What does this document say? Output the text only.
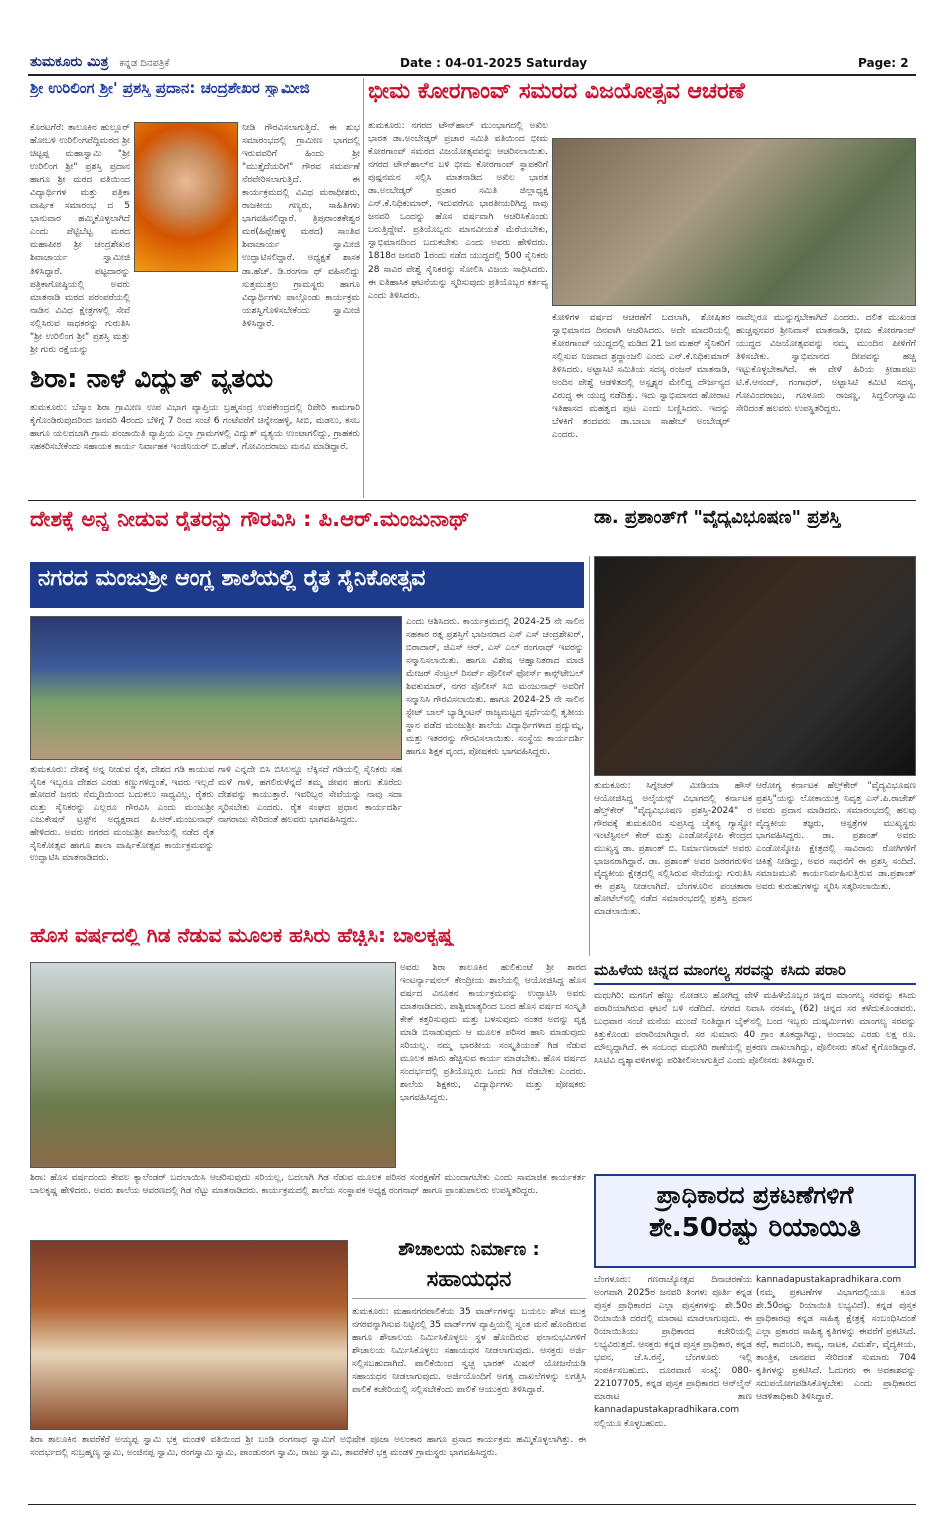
ತುಮಕೂರು ಮಿತ್ರ ಕನ್ನಡ ದಿನಪತ್ರಿಕೆ	Date : 04-01-2025 Saturday	Page: 2
ಶ್ರೀ ಉರಿಲಿಂಗ ಶ್ರೀ' ಪ್ರಶಸ್ತಿ ಪ್ರದಾನ: ಚಂದ್ರಶೇಖರ ಸ್ವಾಮೀಜಿ
ಕೊರಟಗೆರೆ: ತಾಲೂಕಿನ ಹುಲ್ಲೂರ್ ಹೋಬಳಿ ಉರಿಲಿಂಗಪೆದ್ದಿಮಠದ ಶ್ರೀ ಚಿಟ್ಟಪ್ಪ ಮಹಾಸ್ವಾಮಿ "ಶ್ರೀ ಉರಿಲಿಂಗ ಶ್ರೀ" ಪ್ರಶಸ್ತಿ ಪ್ರದಾನ ಹಾಗೂ ಶ್ರೀ ಮಠದ ವತಿಯಿಂದ ವಿದ್ಯಾರ್ಥಿಗಳ ಮತ್ತು ಪತ್ರಿಕಾ ವಾರ್ಷಿಕ ಸಮಾರಂಭ ದ 5 ಭಾನುವಾರ ಹಮ್ಮಿಕೊಳ್ಳಲಾಗಿದೆ ಎಂದು ಪೆಟ್ಟಿಬೆಟ್ಟ ಮಠದ ಮಹಾಪೀಠ ಶ್ರೀ ಚಂದ್ರಶೇಖರ ಶಿವಾಚಾರ್ಯ ಸ್ವಾಮೀಜಿ ತಿಳಿಸಿದ್ದಾರೆ. ಪಟ್ಟದಾರನ್ನು ಪತ್ರಿಕಾಗೋಷ್ಠಿಯಲ್ಲಿ ಅವರು ಮಾತನಾಡಿ ಮಠದ ಪರಂಪರೆಯಲ್ಲಿ ನಾಡಿನ ವಿವಿಧ ಕ್ಷೇತ್ರಗಳಲ್ಲಿ ಸೇವೆ ಸಲ್ಲಿಸಿರುವ ಸಾಧಕರನ್ನು ಗುರುತಿಸಿ "ಶ್ರೀ ಉರಿಲಿಂಗ ಶ್ರೀ" ಪ್ರಶಸ್ತಿ ಮತ್ತು ಶ್ರೀ ಗುರು ರಕ್ಷೆಯನ್ನು
ನೀಡಿ ಗೌರವಿಸಲಾಗುತ್ತಿದೆ. ಈ ಶುಭ ಸಮಾರಂಭದಲ್ಲಿ ಗ್ರಾಮೀಣ ಭಾಗದಲ್ಲಿ ಇರುವವರಿಗೆ ಹಿಂದು ಶ್ರೀ "ಮುತ್ತೈದೆಯರಿಗೆ" ಗೌರವ ಸಮರ್ಪಣೆ ನೆರವೇರಿಸಲಾಗುತ್ತಿದೆ. ಈ ಕಾರ್ಯಕ್ರಮದಲ್ಲಿ ವಿವಿಧ ಮಠಾಧೀಶರು, ರಾಜಕೀಯ ಗಣ್ಯರು, ಸಾಹಿತಿಗಳು ಭಾಗವಹಿಸಲಿದ್ದಾರೆ. ತ್ರಿಪುರಾಂತಕೇಶ್ವರ ಮಠ(ಹಿಪ್ಪೇಹಳ್ಳಿ ಮಠದ) ಸಾಂತಿವ ಶಿವಾಚಾರ್ಯ ಸ್ವಾಮೀಜಿ ಉದ್ಘಾಟಿಸಲಿದ್ದಾರೆ. ಅಧ್ಯಕ್ಷತೆ ಶಾಸಕ ಡಾ.ಹೆಚ್. ಡಿ.ರಂಗನಾ ಥ್ ವಹಿಸಲಿದ್ದು ಸುತ್ತಮುತ್ತಲ ಗ್ರಾಮಸ್ಥರು ಹಾಗೂ ವಿದ್ಯಾರ್ಥಿಗಳು ಪಾಲ್ಗೊಂಡು ಕಾರ್ಯಕ್ರಮ ಯಶಸ್ವಿಗೊಳಿಸಬೇಕೆಂದು ಸ್ವಾಮೀಜಿ ತಿಳಿಸಿದ್ದಾರೆ.
ಶಿರಾ: ನಾಳೆ ವಿದ್ಯುತ್ ವ್ಯತಯ
ತುಮಕೂರು: ಬೆಸ್ಕಾಂ ಶಿರಾ ಗ್ರಾಮೀಣ ಉಪ ವಿಭಾಗ ವ್ಯಾಪ್ತಿಯ ಬ್ರಹ್ಮಸಂದ್ರ ಉಪಕೇಂದ್ರದಲ್ಲಿ ರಿಪೇರಿ ಕಾಮಗಾರಿ ಕೈಗೊಂಡಿರುವುದರಿಂದ ಜನವರಿ 4ರಂದು ಬೆಳಿಗ್ಗೆ 7 ರಿಂದ ಸಂಜೆ 6 ಗಂಟೆವರೆಗೆ ಚಿನ್ನೇನಹಳ್ಳಿ, ಸೀಬಿ, ಮಡಲು, ಕಸಬ ಹಾಗೂ ಯಲದಬಾಗಿ ಗ್ರಾಮ ಪಂಚಾಯಿತಿ ವ್ಯಾಪ್ತಿಯ ಎಲ್ಲಾ ಗ್ರಾಮಗಳಲ್ಲಿ ವಿದ್ಯುತ್ ವ್ಯತ್ಯಯ ಉಂಟಾಗಲಿದ್ದು, ಗ್ರಾಹಕರು ಸಹಕರಿಸಬೇಕೆಂದು ಸಹಾಯಕ ಕಾರ್ಯ ನಿರ್ವಾಹಕ ಇಂಜಿನಿಯರ್ ಬಿ.ಹೆಚ್. ಗೋವಿಂದರಾಜು ಮನವಿ ಮಾಡಿದ್ದಾರೆ.
ಭೀಮ ಕೋರಗಾಂವ್ ಸಮರದ ವಿಜಯೋತ್ಸವ ಆಚರಣೆ
ತುಮಕೂರು: ನಗರದ ಟೌನ್‌ಹಾಲ್ ಮುಂಭಾಗದಲ್ಲಿ ಅಖಿಲ ಭಾರತ ಡಾ.ಅಂಬೇಡ್ಕರ್ ಪ್ರಚಾರ ಸಮಿತಿ ವತಿಯಿಂದ ಭೀಮ ಕೋರಗಾಂವ್ ಸಮರದ ವಿಜಯೋತ್ಸವವನ್ನು ಆಚರಿಸಲಾಯಿತು. ನಗರದ ಟೌನ್‌ಹಾಲ್‌ನ ಬಳಿ ಭೀಮ ಕೋರಗಾಂವ್ ಸ್ಥಾಪಕರಿಗೆ ಪುಷ್ಪನಮನ ಸಲ್ಲಿಸಿ ಮಾತನಾಡಿದ ಅಖಿಲ ಭಾರತ ಡಾ.ಅಂಬೇಡ್ಕರ್ ಪ್ರಚಾರ ಸಮಿತಿ ಜಿಲ್ಲಾಧ್ಯಕ್ಷ ಎನ್.ಕೆ.ನಿಧಿಕುಮಾರ್, ಇದುವರೆಗೂ ಭಾರತೀಯರಿಗಿದ್ದ ನಾವು ಜನವರಿ ಒಂದನ್ನು ಹೊಸ ವರ್ಷವಾಗಿ ಆಚರಿಸಿಕೊಂಡು ಬರುತ್ತಿದ್ದೇವೆ. ಪ್ರತಿಯೊಬ್ಬರು ಮಾನವೀಯತೆ ಮೆರೆಯಬೇಕು, ಸ್ವಾಭಿಮಾನದಿಂದ ಬದುಕಬೇಕು ಎಂದು ಅವರು ಹೇಳಿದರು. 1818ರ ಜನವರಿ 1ರಂದು ನಡೆದ ಯುದ್ಧದಲ್ಲಿ 500 ಸೈನಿಕರು 28 ಸಾವಿರ ಪೇಶ್ವೆ ಸೈನಿಕರನ್ನು ಸೋಲಿಸಿ ವಿಜಯ ಸಾಧಿಸಿದರು. ಈ ಐತಿಹಾಸಿಕ ಘಟನೆಯನ್ನು ಸ್ಮರಿಸುವುದು ಪ್ರತಿಯೊಬ್ಬರ ಕರ್ತವ್ಯ ಎಂದು ತಿಳಿಸಿದರು.
ಕೋಳಿಗಳ ವರ್ಷದ ಆಚರಣೆಗೆ ಬದಲಾಗಿ, ಶೋಷಿತರ ಸ್ವಾಭಿಮಾನದ ದಿನವಾಗಿ ಆಚರಿಸಿದರು. ಅದೇ ಮಾದರಿಯಲ್ಲಿ ಕೋರಗಾಂವ್ ಯುದ್ಧದಲ್ಲಿ ಮಡಿದ 21 ಜನ ಮಹರ್ ಸೈನಿಕರಿಗೆ ಸಲ್ಲಿಸುವ ನಿಜವಾದ ಶ್ರದ್ಧಾಂಜಲಿ ಎಂದು ಎನ್.ಕೆ.ನಿಧಿಕುಮಾರ್ ತಿಳಿಸಿದರು. ಅಟ್ಟಾಸಿಟಿ ಸಮಿತಿಯ ಸದಸ್ಯ ರಂಜನ್ ಮಾತನಾಡಿ, ಅಂದಿನ ಪೇಶ್ವೆ ಆಡಳಿತದಲ್ಲಿ ಅಸ್ಪೃಶ್ಯರ ಮೇಲಿದ್ದ ದೌರ್ಜನ್ಯದ ವಿರುದ್ಧ ಈ ಯುದ್ಧ ನಡೆದಿತ್ತು. ಇದು ಸ್ವಾಭಿಮಾನದ ಹೋರಾಟ ಇತಿಹಾಸದ ಮಹತ್ವದ ಪುಟ ಎಂದು ಬಣ್ಣಿಸಿದರು. ಇದನ್ನು ಬೆಳಕಿಗೆ ತಂದವರು ಡಾ.ಬಾಬಾ ಸಾಹೇಬ್ ಅಂಬೇಡ್ಕರ್ ಎಂದರು.
ನಾವೆಲ್ಲರೂ ಮುನ್ನುಗ್ಗಬೇಕಾಗಿದೆ ಎಂದರು. ದಲಿತ ಮುಖಂಡ ಹುಚ್ಚಪ್ಪನವರ ಶ್ರೀನಿವಾಸ್ ಮಾತನಾಡಿ, ಭೀಮ ಕೋರಗಾಂವ್ ಯುದ್ಧದ ವಿಜಯೋತ್ಸವವನ್ನು ನಮ್ಮ ಮುಂದಿನ ಪೀಳಿಗೆಗೆ ತಿಳಿಸಬೇಕು. ಸ್ವಾಭಿಮಾನದ ದೀಪವನ್ನು ಹಚ್ಚಿ ಇಟ್ಟುಕೊಳ್ಳಬೇಕಾಗಿದೆ. ಈ ವೇಳೆ ಹಿರಿಯ ಕ್ರೀಡಾಪಟು ಟಿ.ಕೆ.ಆನಂದ್, ಗಂಗಾಧರ್, ಅಟ್ಟಾಸಿಟಿ ಕಮಿಟಿ ಸದಸ್ಯ, ಗೋವಿಂದರಾಜು, ಗೂಳೂರು ರಾಜಣ್ಣ, ಸಿದ್ದಲಿಂಗಸ್ವಾಮಿ ಸೇರಿದಂತೆ ಹಲವರು ಉಪಸ್ಥಿತರಿದ್ದರು.
ದೇಶಕ್ಕೆ ಅನ್ನ ನೀಡುವ ರೈತರನ್ನು ಗೌರವಿಸಿ : ಪಿ.ಆರ್.ಮಂಜುನಾಥ್	ಡಾ. ಪ್ರಶಾಂತ್‌ಗೆ "ವೈದ್ಯವಿಭೂಷಣ" ಪ್ರಶಸ್ತಿ
ನಗರದ ಮಂಜುಶ್ರೀ ಆಂಗ್ಲ ಶಾಲೆಯಲ್ಲಿ ರೈತ ಸೈನಿಕೋತ್ಸವ
ಎಂದು ಆಶಿಸಿದರು. ಕಾರ್ಯಕ್ರಮದಲ್ಲಿ 2024-25 ನೇ ಸಾಲಿನ ಸಹಕಾರ ರತ್ನ ಪ್ರಶಸ್ತಿಗೆ ಭಾಜನರಾದ ಎಸ್ ಎಸ್ ಚಂದ್ರಶೇಖರ್, ಬಿರಾದಾರ್, ಜಿಎಸ್ ಆರ್, ಎಸ್ ಎಲ್ ರಂಗನಾಥ್ ಇವರನ್ನು ಸನ್ಮಾನಿಸಲಾಯಿತು. ಹಾಗೂ ವಿಶೇಷ ಆಹ್ವಾನಿತರಾದ ಮಾಜಿ ಮೇಜರ್ ಸೆಂಟ್ರಲ್ ರಿಸರ್ವ್ ಪೊಲೀಸ್ ಫೋರ್ಸ್ ಕಾನ್ಸ್‌ಟೇಬಲ್ ಶಿವಕುಮಾರ್, ನಗರ ಪೊಲೀಸ್ ಸಿಬಿ ಮಂಜುನಾಥ್ ಅವರಿಗೆ ಸನ್ಮಾನಿಸಿ ಗೌರವಿಸಲಾಯಿತು. ಹಾಗೂ 2024-25 ನೇ ಸಾಲಿನ ಸ್ಟೇಟ್ ಬಾಲ್ ಬ್ಯಾಡ್ಮಿಂಟನ್ ರಾಜ್ಯಮಟ್ಟದ ಸ್ಪರ್ಧೆಯಲ್ಲಿ ತೃತೀಯ ಸ್ಥಾನ ಪಡೆದ ಮಂಜುಶ್ರೀ ಶಾಲೆಯ ವಿದ್ಯಾರ್ಥಿಗಳಾದ ಪ್ರದ್ಯುಮ್ನ, ಮತ್ತು ಇತರರನ್ನು ಗೌರವಿಸಲಾಯಿತು. ಸಂಸ್ಥೆಯ ಕಾರ್ಯದರ್ಶಿ ಹಾಗೂ ಶಿಕ್ಷಕ ವೃಂದ, ಪೋಷಕರು ಭಾಗವಹಿಸಿದ್ದರು.
ತುಮಕೂರು: ದೇಶಕ್ಕೆ ಅನ್ನ ನೀಡುವ ರೈತ, ದೇಶದ ಗಡಿ ಕಾಯುವ ಸೈನಿಕ ಇಬ್ಬರೂ ದೇಶದ ಎರಡು ಕಣ್ಣುಗಳಿದ್ದಂತೆ, ಇವರು ಇಲ್ಲದೆ ಹೋದರೆ ಜನರು ನೆಮ್ಮದಿಯಿಂದ ಬದುಕಲು ಸಾಧ್ಯವಿಲ್ಲ. ರೈತರು ಮತ್ತು ಸೈನಿಕರನ್ನು ಎಲ್ಲರೂ ಗೌರವಿಸಿ ಎಂದು ಮಂಜುಶ್ರೀ ಎಜುಕೇಷನ್ ಟ್ರಸ್ಟ್‌ನ ಅಧ್ಯಕ್ಷರಾದ ಪಿ.ಆರ್.ಮಂಜುನಾಥ್ ಹೇಳಿದರು. ಅವರು ನಗರದ ಮಂಜುಶ್ರೀ ಶಾಲೆಯಲ್ಲಿ ನಡೆದ ರೈತ ಸೈನಿಕೋತ್ಸವ ಹಾಗೂ ಶಾಲಾ ವಾರ್ಷಿಕೋತ್ಸವ ಕಾರ್ಯಕ್ರಮವನ್ನು ಉದ್ಘಾಟಿಸಿ ಮಾತನಾಡಿದರು.
ಗಾಳಿ ಎನ್ನದೇ ಬಿಸಿ ಬಿಸಿಲನ್ನೂ ಲೆಕ್ಕಿಸದೆ ಗಡಿಯಲ್ಲಿ ಸೈನಿಕರು ಸಹ ಮಳೆ ಗಾಳಿ, ಹಗಲಿರುಳೆನ್ನದೆ ತಮ್ಮ ಜೀವನ ಹಂಗು ತೊರೆದು ದೇಶವನ್ನು ಕಾಯುತ್ತಾರೆ. ಇವರಿಬ್ಬರ ಸೇವೆಯನ್ನು ನಾವು ಸದಾ ಸ್ಮರಿಸಬೇಕು ಎಂದರು. ರೈತ ಸಂಘದ ಪ್ರಧಾನ ಕಾರ್ಯದರ್ಶಿ ನಾಗರಾಜು ಸೇರಿದಂತೆ ಹಲವರು ಭಾಗವಹಿಸಿದ್ದರು.
ತುಮಕೂರು: ಸಿಗ್ನೇಚರ್ ಮೀಡಿಯಾ ಹೌಸ್ ಆಯೋಜಿಸಿದ್ದ ಅಲೈಯನ್ಸ್ ವಿಭಾಗದಲ್ಲಿ ಕರ್ನಾಟಕ ಹೆಲ್ತ್‌ಕೇರ್ "ವೈದ್ಯವಿಭೂಷಣ ಪ್ರಶಸ್ತಿ-2024" ರ ಗೌರವಕ್ಕೆ ತುಮಕೂರಿನ ಸುಪ್ರಸಿದ್ಧ ಚೈತನ್ಯ ಗ್ಯಾಸ್ಟ್ರೋ ಇಂಟೆಸ್ಟಿನಲ್ ಕೇರ್ ಮತ್ತು ಎಂಡೋಸ್ಕೋಪಿ ಕೇಂದ್ರದ ಮುಖ್ಯಸ್ಥ ಡಾ. ಪ್ರಶಾಂತ್ ಬಿ. ನಿರ್ಮಾಣರಾಮ್ ಅವರು ಭಾಜನರಾಗಿದ್ದಾರೆ. ಡಾ. ಪ್ರಶಾಂತ್ ಅವರ ಜಠರಗರುಳಿನ ವೈದ್ಯಕೀಯ ಕ್ಷೇತ್ರದಲ್ಲಿ ಸಲ್ಲಿಸಿರುವ ಸೇವೆಯನ್ನು ಗುರುತಿಸಿ ಈ ಪ್ರಶಸ್ತಿ ನೀಡಲಾಗಿದೆ. ಬೆಂಗಳೂರಿನ ಪಂಚತಾರಾ ಹೋಟೆಲ್‌ನಲ್ಲಿ ನಡೆದ ಸಮಾರಂಭದಲ್ಲಿ ಪ್ರಶಸ್ತಿ ಪ್ರದಾನ ಮಾಡಲಾಯಿತು.
ಆರೋಗ್ಯ ಕರ್ನಾಟಕ ಹೆಲ್ತ್‌ಕೇರ್ "ವೈದ್ಯವಿಭೂಷಣ ಪ್ರಶಸ್ತಿ"ಯನ್ನು ಲೋಕಾಯುಕ್ತ ನಿವೃತ್ತ ಎಸ್.ಪಿ.ರಾಜೇಶ್ ಅವರು ಪ್ರದಾನ ಮಾಡಿದರು. ಸಮಾರಂಭದಲ್ಲಿ ಹಲವು ವೈದ್ಯಕೀಯ ತಜ್ಞರು, ಆಸ್ಪತ್ರೆಗಳ ಮುಖ್ಯಸ್ಥರು ಭಾಗವಹಿಸಿದ್ದರು. ಡಾ. ಪ್ರಶಾಂತ್ ಅವರು ಎಂಡೋಸ್ಕೋಪಿ ಕ್ಷೇತ್ರದಲ್ಲಿ ಸಾವಿರಾರು ರೋಗಿಗಳಿಗೆ ಚಿಕಿತ್ಸೆ ನೀಡಿದ್ದು, ಅವರ ಸಾಧನೆಗೆ ಈ ಪ್ರಶಸ್ತಿ ಸಂದಿದೆ. ಸಮಾಜಮುಖಿ ಕಾರ್ಯನಿರ್ವಹಿಸುತ್ತಿರುವ ಡಾ.ಪ್ರಶಾಂತ್ ಅವರು ಕುರುಹುಗಳನ್ನು ಸ್ಮರಿಸಿ ಸತ್ಕರಿಸಲಾಯಿತು.
ಹೊಸ ವರ್ಷದಲ್ಲಿ ಗಿಡ ನೆಡುವ ಮೂಲಕ ಹಸಿರು ಹೆಚ್ಚಿಸಿ: ಬಾಲಕೃಷ್ಣ
ಅವರು ಶಿರಾ ತಾಲೂಕಿನ ಹುಲಿಕುಂಟೆ ಶ್ರೀ ಶಾರದ ಇಂಟರ್ನ್ಯಾಷನಲ್ ಕೇಂದ್ರೀಯ ಶಾಲೆಯಲ್ಲಿ ಆಯೋಜಿಸಿದ್ದ ಹೊಸ ವರ್ಷದ ವಿನೂತನ ಕಾರ್ಯಕ್ರಮವನ್ನು ಉದ್ಘಾಟಿಸಿ ಅವರು ಮಾತನಾಡಿದರು. ಪಾಶ್ಚಿಮಾತ್ಯರಿಂದ ಬಂದ ಹೊಸ ವರ್ಷದ ಸಂಸ್ಕೃತಿ ಕೇಕ್ ಕತ್ತರಿಸುವುದು ಮತ್ತು ಬಳಸುವುದು ನಂತರ ಅದನ್ನು ವೃಕ್ಷ ಮಾಡಿ ಬಿಸಾಡುವುದು ಆ ಮೂಲಕ ಪರಿಸರ ಹಾನಿ ಮಾಡುವುದು ಸರಿಯಲ್ಲ. ನಮ್ಮ ಭಾರತೀಯ ಸಂಸ್ಕೃತಿಯಂತೆ ಗಿಡ ನೆಡುವ ಮೂಲಕ ಹಸಿರು ಹೆಚ್ಚಿಸುವ ಕಾರ್ಯ ಮಾಡಬೇಕು. ಹೊಸ ವರ್ಷದ ಸಂದರ್ಭದಲ್ಲಿ ಪ್ರತಿಯೊಬ್ಬರು ಒಂದು ಗಿಡ ನೆಡಬೇಕು ಎಂದರು. ಶಾಲೆಯ ಶಿಕ್ಷಕರು, ವಿದ್ಯಾರ್ಥಿಗಳು ಮತ್ತು ಪೋಷಕರು ಭಾಗವಹಿಸಿದ್ದರು.
ಶಿರಾ: ಹೊಸ ವರ್ಷದಂದು ಕೇವಲ ಕ್ಯಾಲೆಂಡರ್ ಬದಲಾಯಿಸಿ ಆಚರಿಸುವುದು ಸರಿಯಲ್ಲ, ಬದಲಾಗಿ ಗಿಡ ನೆಡುವ ಮೂಲಕ ಪರಿಸರ ಸಂರಕ್ಷಣೆಗೆ ಮುಂದಾಗಬೇಕು ಎಂದು ಸಾಮಾಜಿಕ ಕಾರ್ಯಕರ್ತ ಬಾಲಕೃಷ್ಣ ಹೇಳಿದರು. ಅವರು ಶಾಲೆಯ ಆವರಣದಲ್ಲಿ ಗಿಡ ನೆಟ್ಟು ಮಾತನಾಡಿದರು. ಕಾರ್ಯಕ್ರಮದಲ್ಲಿ ಶಾಲೆಯ ಸಂಸ್ಥಾಪಕ ಅಧ್ಯಕ್ಷ ರಂಗನಾಥ್ ಹಾಗೂ ಪ್ರಾಂಶುಪಾಲರು ಉಪಸ್ಥಿತರಿದ್ದರು.
ಮಹಿಳೆಯ ಚಿನ್ನದ ಮಾಂಗಲ್ಯ ಸರವನ್ನು ಕಸಿದು ಪರಾರಿ
ಮಧುಗಿರಿ: ಮಗನಿಗೆ ಹೆಣ್ಣು ನೋಡಲು ಹೋಗಿದ್ದ ವೇಳೆ ಮಹಿಳೆಯೊಬ್ಬರ ಚಿನ್ನದ ಮಾಂಗಲ್ಯ ಸರವನ್ನು ಕಸಿದು ಪರಾರಿಯಾಗಿರುವ ಘಟನೆ ಬಳಿ ನಡೆದಿದೆ. ನಗರದ ನಿವಾಸಿ ನರಸಮ್ಮ (62) ಚಿನ್ನದ ಸರ ಕಳೆದುಕೊಂಡವರು. ಬುಧವಾರ ಸಂಜೆ ಮನೆಯ ಮುಂದೆ ನಿಂತಿದ್ದಾಗ ಬೈಕ್‌ನಲ್ಲಿ ಬಂದ ಇಬ್ಬರು ದುಷ್ಕರ್ಮಿಗಳು ಮಾಂಗಲ್ಯ ಸರವನ್ನು ಕಿತ್ತುಕೊಂಡು ಪರಾರಿಯಾಗಿದ್ದಾರೆ. ಸರ ಸುಮಾರು 40 ಗ್ರಾಂ ತೂಕದ್ದಾಗಿದ್ದು, ಅಂದಾಜು ಎರಡು ಲಕ್ಷ ರೂ. ಮೌಲ್ಯದ್ದಾಗಿದೆ. ಈ ಸಂಬಂಧ ಮಧುಗಿರಿ ಠಾಣೆಯಲ್ಲಿ ಪ್ರಕರಣ ದಾಖಲಾಗಿದ್ದು, ಪೊಲೀಸರು ತನಿಖೆ ಕೈಗೊಂಡಿದ್ದಾರೆ. ಸಿಸಿಟಿವಿ ದೃಶ್ಯಾವಳಿಗಳನ್ನು ಪರಿಶೀಲಿಸಲಾಗುತ್ತಿದೆ ಎಂದು ಪೊಲೀಸರು ತಿಳಿಸಿದ್ದಾರೆ.
ಪ್ರಾಧಿಕಾರದ ಪ್ರಕಟಣೆಗಳಿಗೆ
ಶೇ.50ರಷ್ಟು ರಿಯಾಯಿತಿ
ಬೆಂಗಳೂರು: ಗಣರಾಜ್ಯೋತ್ಸವ ದಿನಾಚರಣೆಯ ಅಂಗವಾಗಿ 2025ರ ಜನವರಿ ತಿಂಗಳು ಪೂರ್ತಿ ಕನ್ನಡ ಪುಸ್ತಕ ಪ್ರಾಧಿಕಾರದ ಎಲ್ಲಾ ಪುಸ್ತಕಗಳನ್ನು ಶೇ.50ರ ರಿಯಾಯಿತಿ ದರದಲ್ಲಿ ಮಾರಾಟ ಮಾಡಲಾಗುವುದು. ಈ ರಿಯಾಯಿತಿಯು ಪ್ರಾಧಿಕಾರದ ಕಚೇರಿಯಲ್ಲಿ ಲಭ್ಯವಿರುತ್ತದೆ. ಆಸಕ್ತರು ಕನ್ನಡ ಪುಸ್ತಕ ಪ್ರಾಧಿಕಾರ, ಕನ್ನಡ ಭವನ, ಜೆ.ಸಿ.ರಸ್ತೆ, ಬೆಂಗಳೂರು ಇಲ್ಲಿ ಸಂಪರ್ಕಿಸಬಹುದು. ದೂರವಾಣಿ ಸಂಖ್ಯೆ: 080-22107705, ಕನ್ನಡ ಪುಸ್ತಕ ಪ್ರಾಧಿಕಾರದ ಆನ್‌ಲೈನ್ ಮಾರಾಟ ತಾಣ kannadapustakapradhikara.com ನಲ್ಲಿಯೂ ಕೊಳ್ಳಬಹುದು.
kannadapustakapradhikara.com (ನಮ್ಮ ಪ್ರಕಟಣೆಗಳ ವಿಭಾಗದಲ್ಲಿಯೂ ಕೂಡ ಶೇ.50ರಷ್ಟು ರಿಯಾಯಿತಿ ಲಭ್ಯವಿದೆ). ಕನ್ನಡ ಪುಸ್ತಕ ಪ್ರಾಧಿಕಾರವು ಕನ್ನಡ ಸಾಹಿತ್ಯ ಕ್ಷೇತ್ರಕ್ಕೆ ಸಂಬಂಧಿಸಿದಂತೆ ಎಲ್ಲಾ ಪ್ರಕಾರದ ಸಾಹಿತ್ಯ ಕೃತಿಗಳನ್ನು ಈವರೆಗೆ ಪ್ರಕಟಿಸಿದೆ. ಕಥೆ, ಕಾದಂಬರಿ, ಕಾವ್ಯ, ನಾಟಕ, ವಿಮರ್ಶೆ, ವೈದ್ಯಕೀಯ, ತಾಂತ್ರಿಕ, ಜಾನಪದ ಸೇರಿದಂತೆ ಸುಮಾರು 704 ಕೃತಿಗಳನ್ನು ಪ್ರಕಟಿಸಿದೆ. ಓದುಗರು ಈ ಅವಕಾಶವನ್ನು ಸದುಪಯೋಗಪಡಿಸಿಕೊಳ್ಳಬೇಕು ಎಂದು ಪ್ರಾಧಿಕಾರದ ಆಡಳಿತಾಧಿಕಾರಿ ತಿಳಿಸಿದ್ದಾರೆ.
ಶಿರಾ ತಾಲೂಕಿನ ತಾವರೆಕೆರೆ ಅಯ್ಯಪ್ಪ ಸ್ವಾಮಿ ಭಕ್ತ ಮಂಡಳಿ ವತಿಯಿಂದ ಶ್ರೀ ಬಂಡಿ ರಂಗನಾಥ ಸ್ವಾಮಿಗೆ ಅಭಿಷೇಕ ಪೂಜಾ ಅಲಂಕಾರ ಹಾಗೂ ಪ್ರಸಾದ ಕಾರ್ಯಕ್ರಮ ಹಮ್ಮಿಕೊಳ್ಳಲಾಗಿತ್ತು. ಈ ಸಂದರ್ಭದಲ್ಲಿ ಸುಬ್ರಹ್ಮಣ್ಯ ಸ್ವಾಮಿ, ಅಂಜಿನಪ್ಪ ಸ್ವಾಮಿ, ರಂಗಸ್ವಾಮಿ ಸ್ವಾಮಿ, ಪಾಂಡುರಂಗ ಸ್ವಾಮಿ, ರಾಜು ಸ್ವಾಮಿ, ತಾವರೆಕೆರೆ ಭಕ್ತ ಮಂಡಳಿ ಗ್ರಾಮಸ್ಥರು ಭಾಗವಹಿಸಿದ್ದರು.
ಶೌಚಾಲಯ ನಿರ್ಮಾಣ :
ಸಹಾಯಧನ
ತುಮಕೂರು: ಮಹಾನಗರಪಾಲಿಕೆಯ 35 ವಾರ್ಡ್‌ಗಳನ್ನು ಬಯಲು ಶೌಚ ಮುಕ್ತ ನಗರವನ್ನಾಗಿಸುವ ನಿಟ್ಟಿನಲ್ಲಿ 35 ವಾರ್ಡ್‌ಗಳ ವ್ಯಾಪ್ತಿಯಲ್ಲಿ ಸ್ವಂತ ಮನೆ ಹೊಂದಿರುವ ಹಾಗೂ ಶೌಚಾಲಯ ನಿರ್ಮಿಸಿಕೊಳ್ಳಲು ಸ್ಥಳ ಹೊಂದಿರುವ ಫಲಾನುಭವಿಗಳಿಗೆ ಶೌಚಾಲಯ ನಿರ್ಮಿಸಿಕೊಳ್ಳಲು ಸಹಾಯಧನ ನೀಡಲಾಗುವುದು. ಆಸಕ್ತರು ಅರ್ಜಿ ಸಲ್ಲಿಸಬಹುದಾಗಿದೆ. ಪಾಲಿಕೆಯಿಂದ ಸ್ವಚ್ಛ ಭಾರತ್ ಮಿಷನ್ ಯೋಜನೆಯಡಿ ಸಹಾಯಧನ ನೀಡಲಾಗುವುದು. ಅರ್ಜಿಯೊಂದಿಗೆ ಅಗತ್ಯ ದಾಖಲೆಗಳನ್ನು ಲಗತ್ತಿಸಿ ಪಾಲಿಕೆ ಕಚೇರಿಯಲ್ಲಿ ಸಲ್ಲಿಸಬೇಕೆಂದು ಪಾಲಿಕೆ ಆಯುಕ್ತರು ತಿಳಿಸಿದ್ದಾರೆ.
